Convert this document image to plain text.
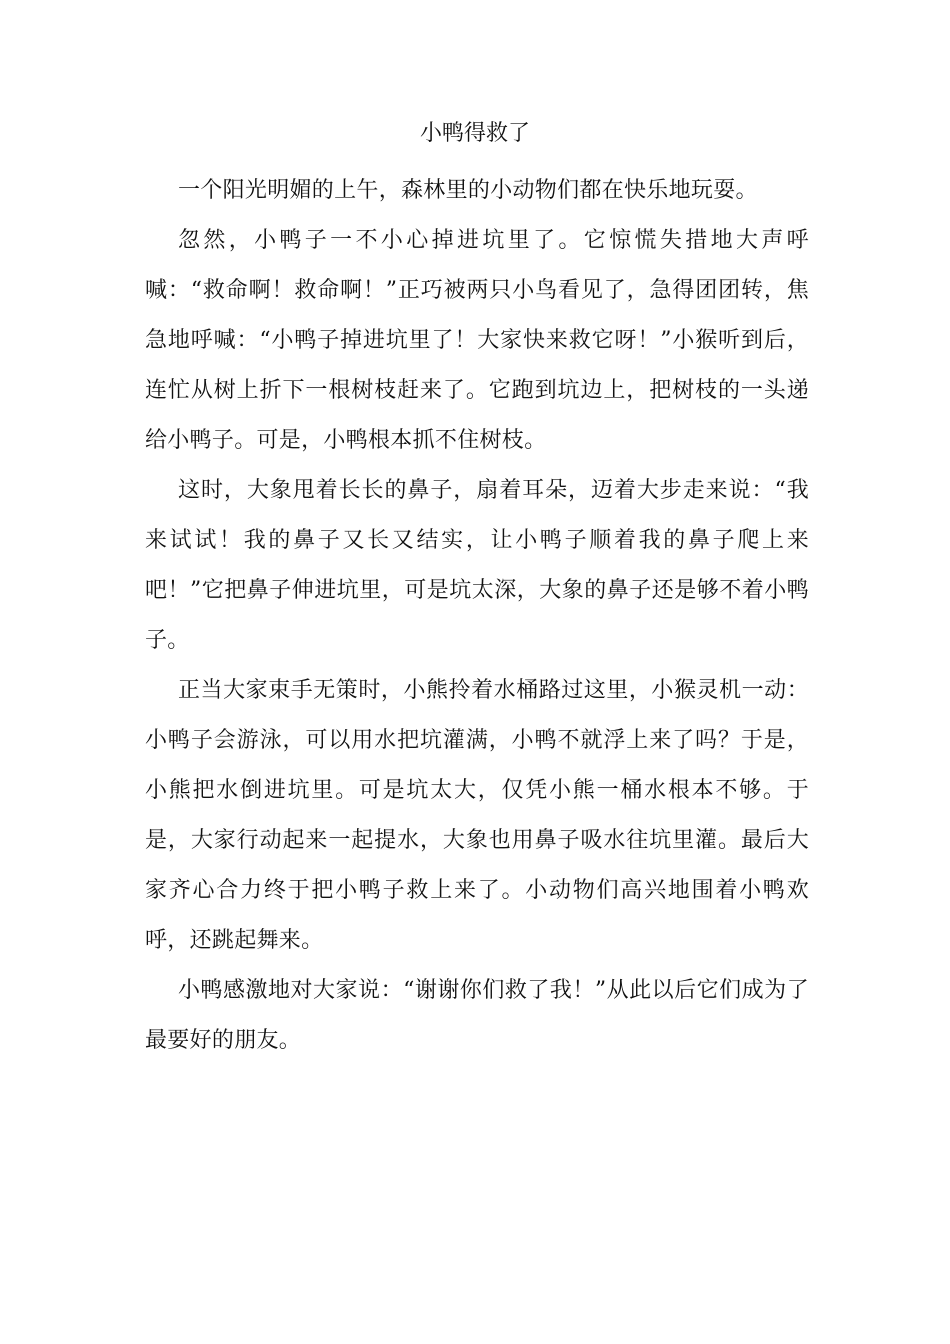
小鸭得救了

一个阳光明媚的上午，森林里的小动物们都在快乐地玩耍。

忽然，小鸭子一不小心掉进坑里了。它惊慌失措地大声呼喊：“救命啊！救命啊！”正巧被两只小鸟看见了，急得团团转，焦急地呼喊：“小鸭子掉进坑里了！大家快来救它呀！”小猴听到后，连忙从树上折下一根树枝赶来了。它跑到坑边上，把树枝的一头递给小鸭子。可是，小鸭根本抓不住树枝。

这时，大象甩着长长的鼻子，扇着耳朵，迈着大步走来说：“我来试试！我的鼻子又长又结实，让小鸭子顺着我的鼻子爬上来吧！”它把鼻子伸进坑里，可是坑太深，大象的鼻子还是够不着小鸭子。

正当大家束手无策时，小熊拎着水桶路过这里，小猴灵机一动：小鸭子会游泳，可以用水把坑灌满，小鸭不就浮上来了吗？于是，小熊把水倒进坑里。可是坑太大，仅凭小熊一桶水根本不够。于是，大家行动起来一起提水，大象也用鼻子吸水往坑里灌。最后大家齐心合力终于把小鸭子救上来了。小动物们高兴地围着小鸭欢呼，还跳起舞来。

小鸭感激地对大家说：“谢谢你们救了我！”从此以后它们成为了最要好的朋友。
